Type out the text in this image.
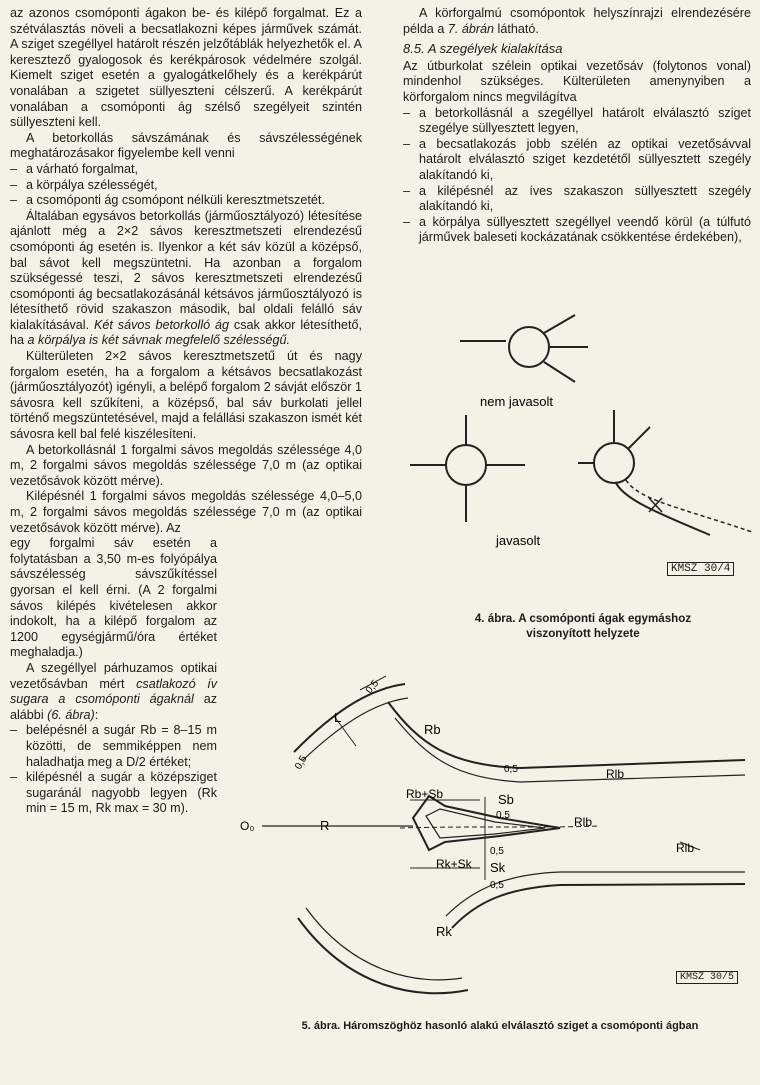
az azonos csomóponti ágakon be- és kilépő forgalmat. Ez a szétválasztás növeli a becsatlakozni képes járművek számát. A sziget szegéllyel határolt részén jelzőtáblák helyezhetők el. A keresztező gyalogosok és kerékpárosok védelmére szolgál. Kiemelt sziget esetén a gyalogátkelőhely és a kerékpárút vonalában a szigetet süllyeszteni célszerű. A kerékpárút vonalában a csomóponti ág szélső szegélyeit szintén süllyeszteni kell.

A betorkollás sávszámának és sávszélességének meghatározásakor figyelembe kell venni

– a várható forgalmat,
– a körpálya szélességét,
– a csomóponti ág csomópont nélküli keresztmetszetét.

Általában egysávos betorkollás (járműosztályozó) létesítése ajánlott még a 2×2 sávos keresztmetszeti elrendezésű csomóponti ág esetén is. Ilyenkor a két sáv közül a középső, bal sávot kell megszüntetni. Ha azonban a forgalom szükségessé teszi, 2 sávos keresztmetszeti elrendezésű csomóponti ág becsatlakozásánál kétsávos járműosztályozó is létesíthető rövid szakaszon második, bal oldali felálló sáv kialakításával. Két sávos betorkolló ág csak akkor létesíthető, ha a körpálya is két sávnak megfelelő szélességű.

Külterületen 2×2 sávos keresztmetszetű út és nagy forgalom esetén, ha a forgalom a kétsávos becsatlakozást (járműosztályozót) igényli, a belépő forgalom 2 sávját először 1 sávosra kell szűkíteni, a középső, bal sáv burkolati jellel történő megszüntetésével, majd a felállási szakaszon ismét két sávosra kell bal felé kiszélesíteni.

A betorkollásnál 1 forgalmi sávos megoldás szélessége 4,0 m, 2 forgalmi sávos megoldás szélessége 7,0 m (az optikai vezetősávok között mérve).

Kilépésnél 1 forgalmi sávos megoldás szélessége 4,0–5,0 m, 2 forgalmi sávos megoldás szélessége 7,0 m (az optikai vezetősávok között mérve). Az

egy forgalmi sáv esetén a folytatásban a 3,50 m-es folyópálya sávszélesség sávszűkítéssel gyorsan el kell érni. (A 2 forgalmi sávos kilépés kivételesen akkor indokolt, ha a kilépő forgalom az 1200 egységjármű/óra értéket meghaladja.)

A szegéllyel párhuzamos optikai vezetősávban mért csatlakozó ív sugara a csomóponti ágaknál az alábbi (6. ábra):

– belépésnél a sugár Rb = 8–15 m közötti, de semmiképpen nem haladhatja meg a D/2 értéket;
– kilépésnél a sugár a középsziget sugaránál nagyobb legyen (Rk min = 15 m, Rk max = 30 m).

A körforgalmú csomópontok helyszínrajzi elrendezésére példa a 7. ábrán látható.

8.5. A szegélyek kialakítása

Az útburkolat szélein optikai vezetősáv (folytonos vonal) mindenhol szükséges. Külterületen amenynyiben a körforgalom nincs megvilágítva

– a betorkollásnál a szegéllyel határolt elválasztó sziget szegélye süllyesztett legyen,
– a becsatlakozás jobb szélén az optikai vezetősávval határolt elválasztó sziget kezdetétől süllyesztett szegély alakítandó ki,
– a kilépésnél az íves szakaszon süllyesztett szegély alakítandó ki,
– a körpálya süllyesztett szegéllyel veendő körül (a túlfutó járművek baleseti kockázatának csökkentése érdekében),
nem javasolt
javasolt
KMSZ 30/4
4. ábra. A csomóponti ágak egymáshoz viszonyított helyzete
O₀	R
Rb
Rlb
Rlb
Rlb
Rb+Sb	Sb
Rk+Sk Sk
Rk
L
0,5
0,5	0,5
0,5
0,5
0,5
KMSZ 30/5
5. ábra. Háromszöghöz hasonló alakú elválasztó sziget a csomóponti ágban
